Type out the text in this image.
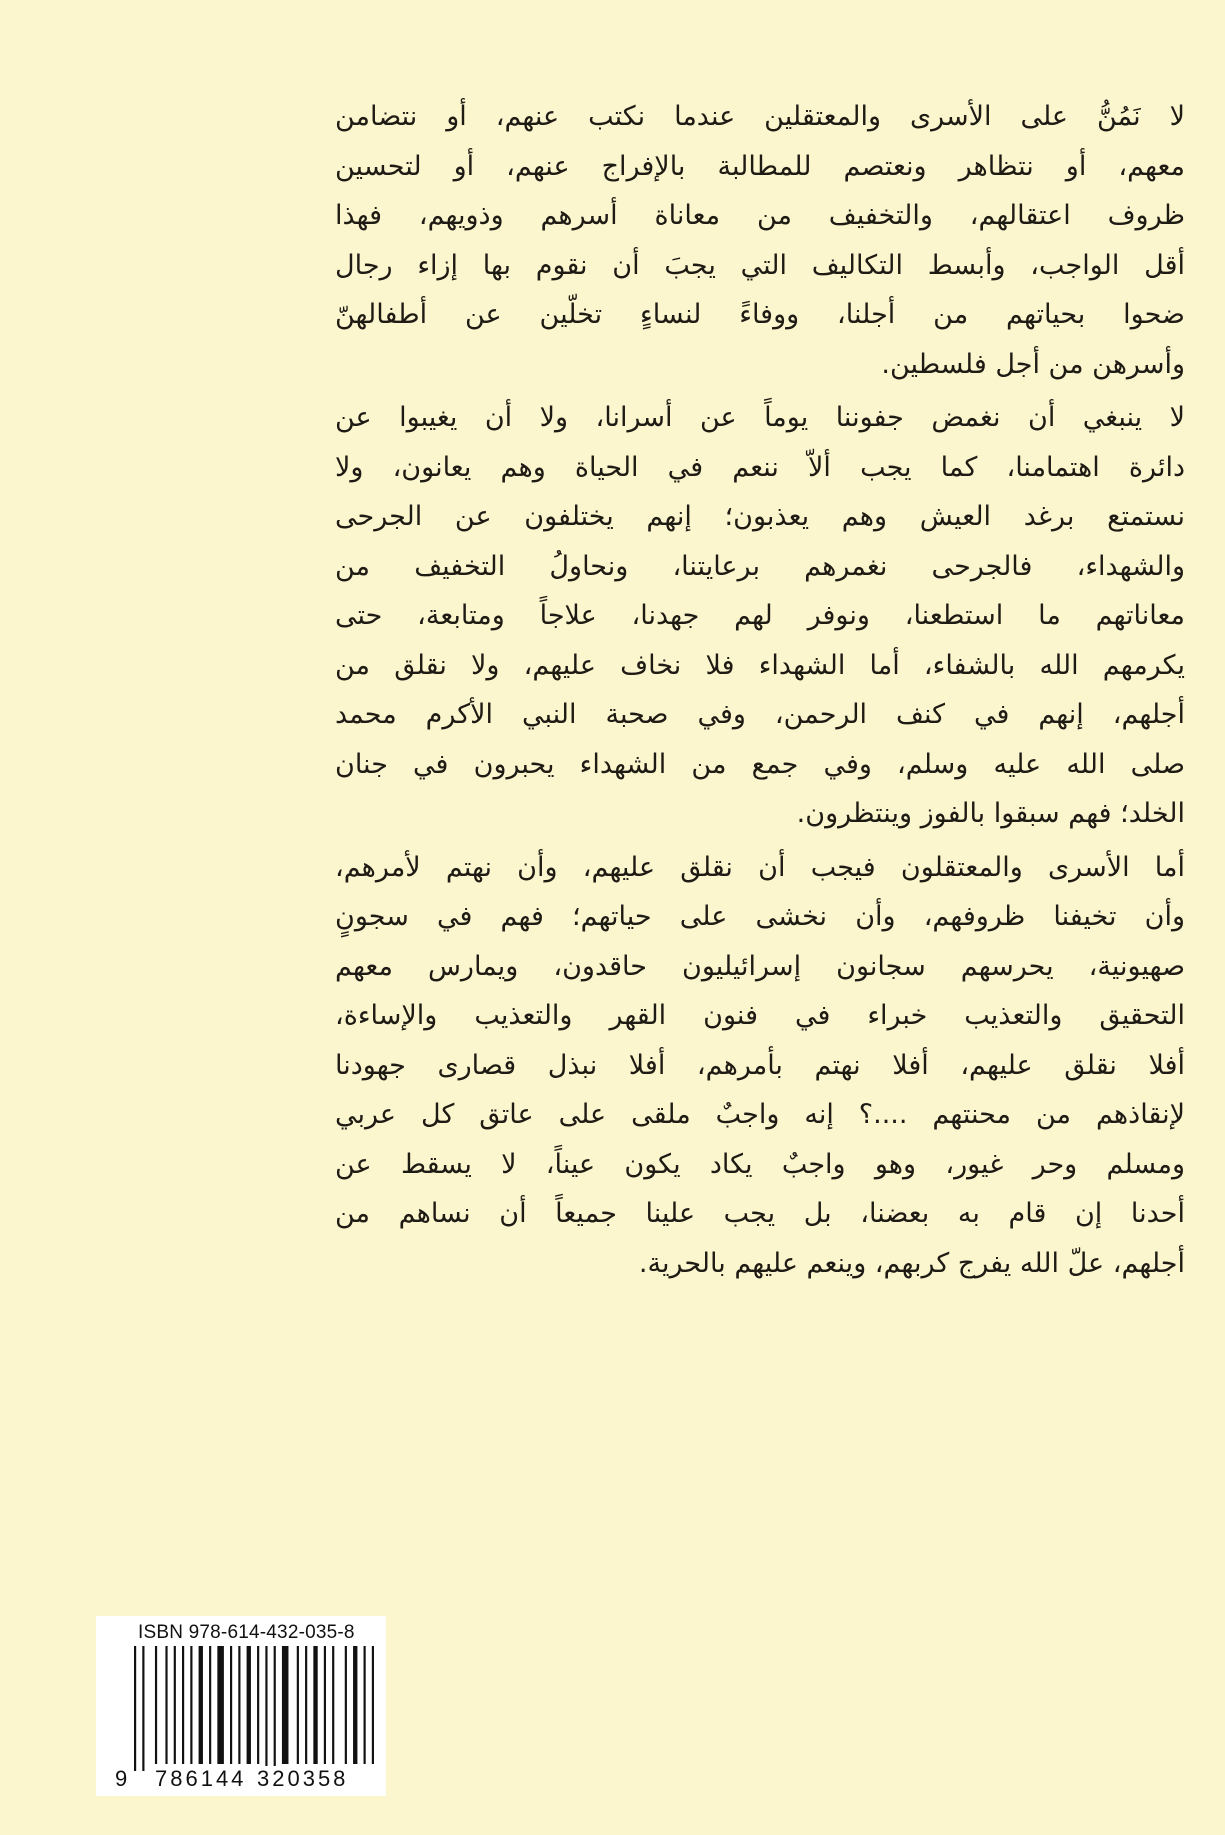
لا نَمُنُّ على الأسرى والمعتقلين عندما نكتب عنهم، أو نتضامن
معهم، أو نتظاهر ونعتصم للمطالبة بالإفراج عنهم، أو لتحسين
ظروف اعتقالهم، والتخفيف من معاناة أسرهم وذويهم، فهذا
أقل الواجب، وأبسط التكاليف التي يجبَ أن نقوم بها إزاء رجال
ضحوا بحياتهم من أجلنا، ووفاءً لنساءٍ تخلّين عن أطفالهنّ
وأسرهن من أجل فلسطين.
لا ينبغي أن نغمض جفوننا يوماً عن أسرانا، ولا أن يغيبوا عن
دائرة اهتمامنا، كما يجب ألاّ ننعم في الحياة وهم يعانون، ولا
نستمتع برغد العيش وهم يعذبون؛ إنهم يختلفون عن الجرحى
والشهداء، فالجرحى نغمرهم برعايتنا، ونحاولُ التخفيف من
معاناتهم ما استطعنا، ونوفر لهم جهدنا، علاجاً ومتابعة، حتى
يكرمهم الله بالشفاء، أما الشهداء فلا نخاف عليهم، ولا نقلق من
أجلهم، إنهم في كنف الرحمن، وفي صحبة النبي الأكرم محمد
صلى الله عليه وسلم، وفي جمع من الشهداء يحبرون في جنان
الخلد؛ فهم سبقوا بالفوز وينتظرون.
أما الأسرى والمعتقلون فيجب أن نقلق عليهم، وأن نهتم لأمرهم،
وأن تخيفنا ظروفهم، وأن نخشى على حياتهم؛ فهم في سجونٍ
صهيونية، يحرسهم سجانون إسرائيليون حاقدون، ويمارس معهم
التحقيق والتعذيب خبراء في فنون القهر والتعذيب والإساءة،
أفلا نقلق عليهم، أفلا نهتم بأمرهم، أفلا نبذل قصارى جهودنا
لإنقاذهم من محنتهم ....؟ إنه واجبٌ ملقى على عاتق كل عربي
ومسلم وحر غيور، وهو واجبٌ يكاد يكون عيناً، لا يسقط عن
أحدنا إن قام به بعضنا، بل يجب علينا جميعاً أن نساهم من
أجلهم، علّ الله يفرج كربهم، وينعم عليهم بالحرية.
ISBN 978-614-432-035-8
9 786144 320358
